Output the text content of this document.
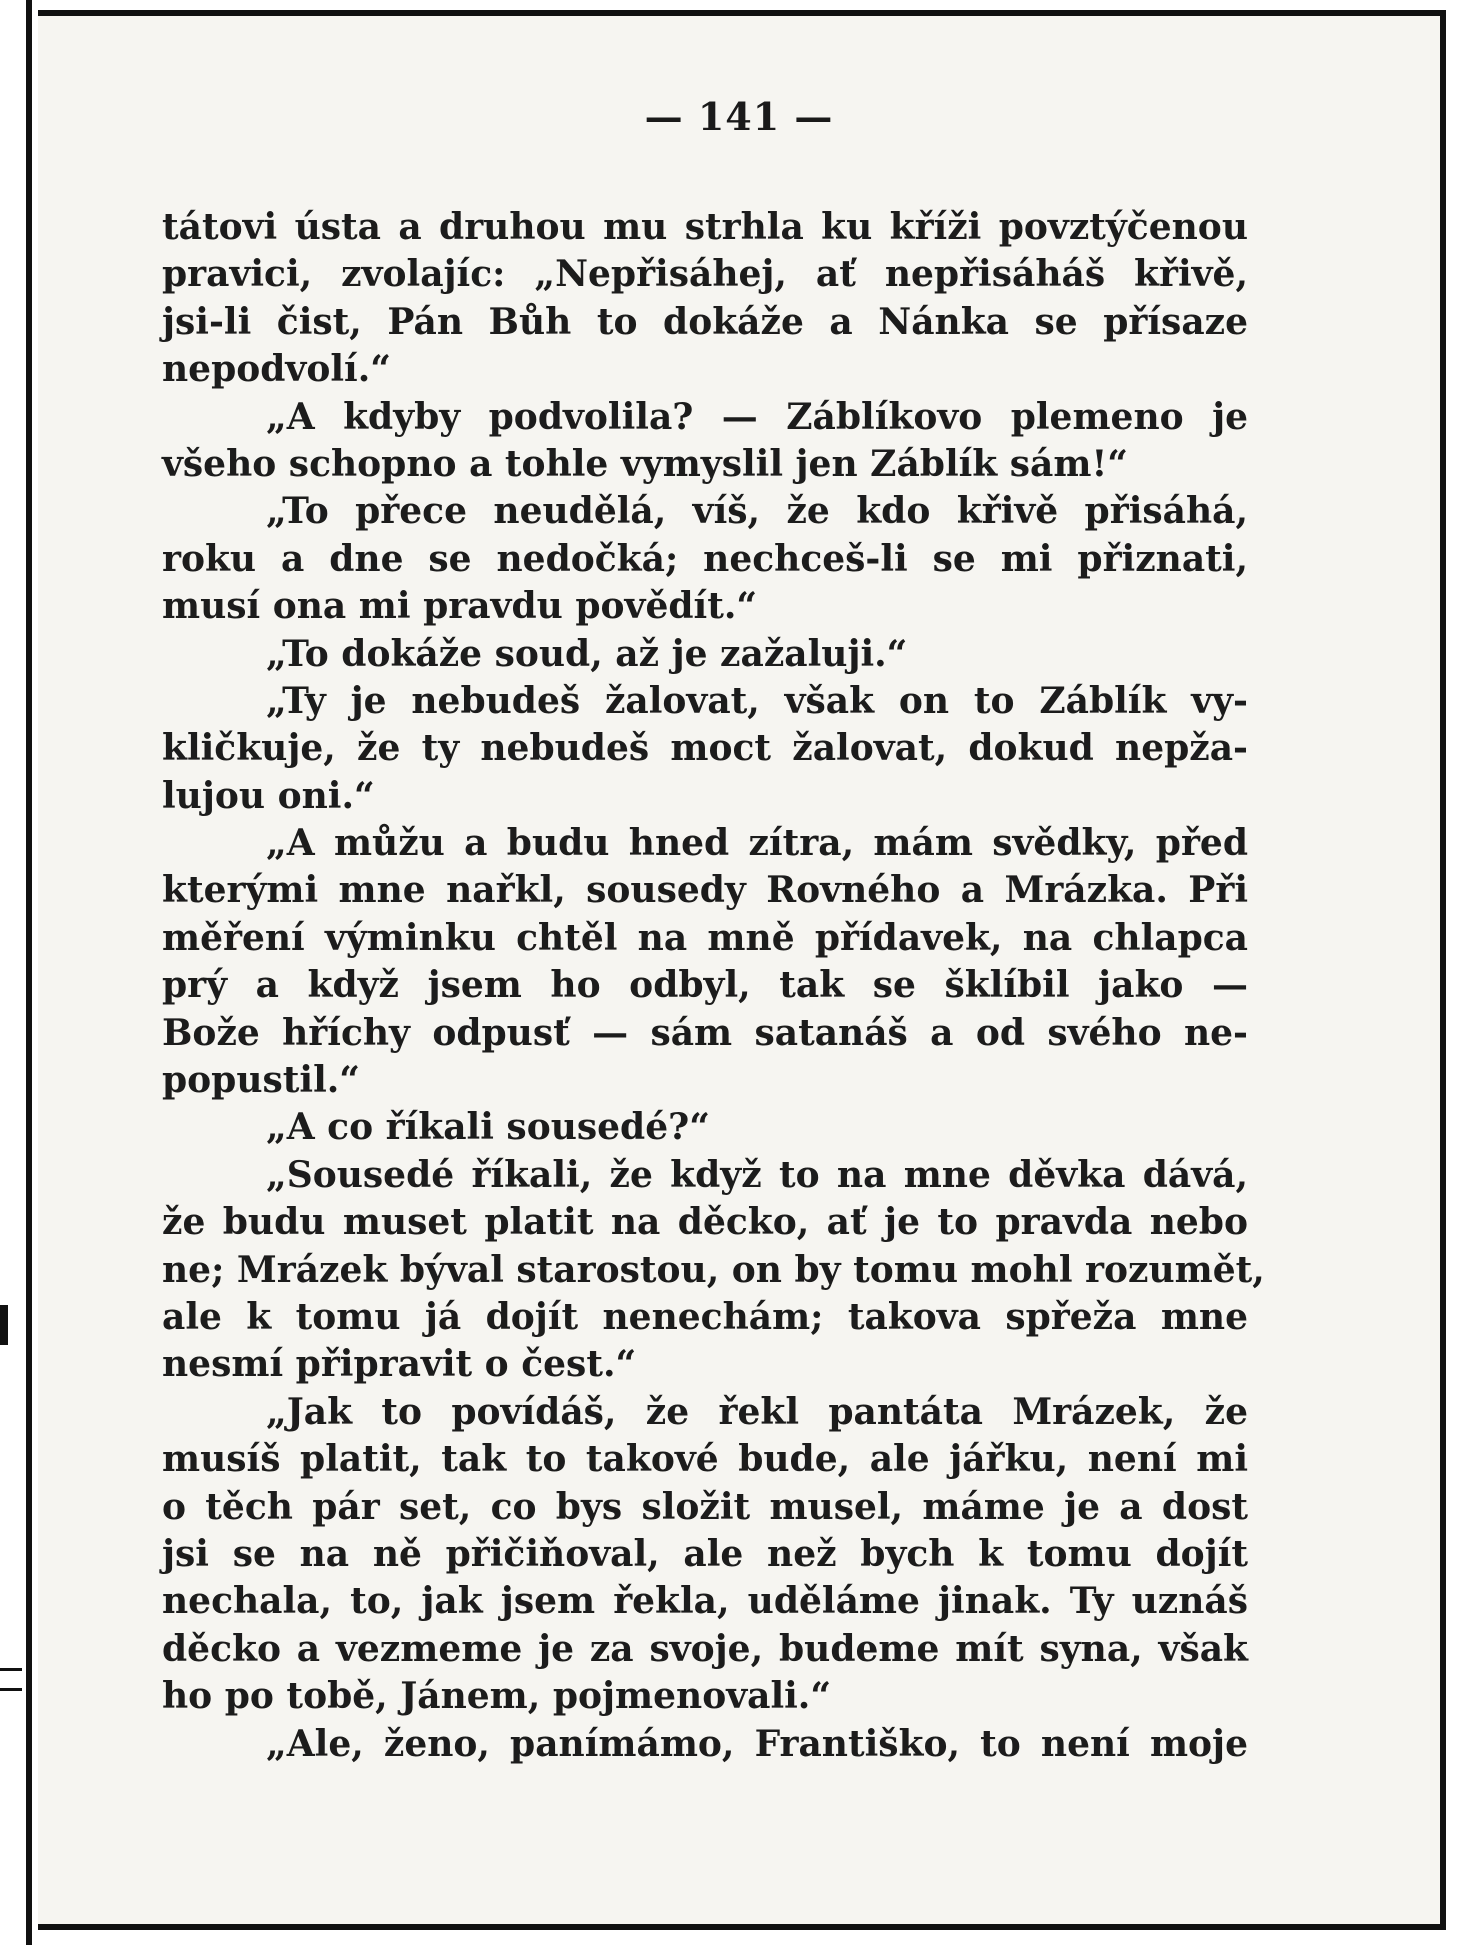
— 141 —
tátovi ústa a druhou mu strhla ku kříži povztýčenou
pravici, zvolajíc: „Nepřisáhej, ať nepřisáháš křivě,
jsi-li čist, Pán Bůh to dokáže a Nánka se přísaze
nepodvolí.“
„A kdyby podvolila? — Záblíkovo plemeno je
všeho schopno a tohle vymyslil jen Záblík sám!“
„To přece neudělá, víš, že kdo křivě přisáhá,
roku a dne se nedočká; nechceš-li se mi přiznati,
musí ona mi pravdu povědít.“
„To dokáže soud, až je zažaluji.“
„Ty je nebudeš žalovat, však on to Záblík vy-
kličkuje, že ty nebudeš moct žalovat, dokud nepža-
lujou oni.“
„A můžu a budu hned zítra, mám svědky, před
kterými mne nařkl, sousedy Rovného a Mrázka. Při
měření výminku chtěl na mně přídavek, na chlapca
prý a když jsem ho odbyl, tak se šklíbil jako —
Bože hříchy odpusť — sám satanáš a od svého ne-
popustil.“
„A co říkali sousedé?“
„Sousedé říkali, že když to na mne děvka dává,
že budu muset platit na děcko, ať je to pravda nebo
ne; Mrázek býval starostou, on by tomu mohl rozumět,
ale k tomu já dojít nenechám; takova spřeža mne
nesmí připravit o čest.“
„Jak to povídáš, že řekl pantáta Mrázek, že
musíš platit, tak to takové bude, ale jářku, není mi
o těch pár set, co bys složit musel, máme je a dost
jsi se na ně přičiňoval, ale než bych k tomu dojít
nechala, to, jak jsem řekla, uděláme jinak. Ty uznáš
děcko a vezmeme je za svoje, budeme mít syna, však
ho po tobě, Jánem, pojmenovali.“
„Ale, ženo, panímámo, Františko, to není moje
